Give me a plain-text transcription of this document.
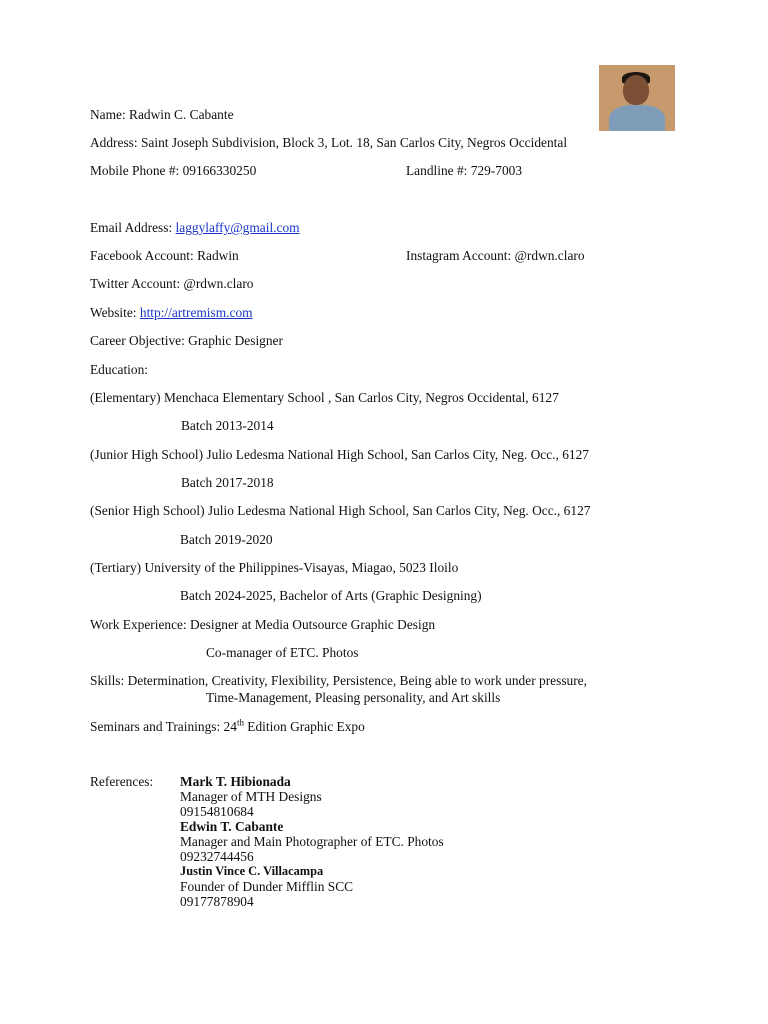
Name: Radwin C. Cabante
Address: Saint Joseph Subdivision, Block 3, Lot. 18, San Carlos City, Negros Occidental
Mobile Phone #: 09166330250	Landline #: 729-7003
Email Address: laggylaffy@gmail.com
Facebook Account: Radwin	Instagram Account: @rdwn.claro
Twitter Account: @rdwn.claro
Website: http://artremism.com
Career Objective: Graphic Designer
Education:
(Elementary) Menchaca Elementary School , San Carlos City, Negros Occidental, 6127
Batch 2013-2014
(Junior High School) Julio Ledesma National High School, San Carlos City, Neg. Occ., 6127
Batch 2017-2018
(Senior High School) Julio Ledesma National High School, San Carlos City, Neg. Occ., 6127
Batch 2019-2020
(Tertiary) University of the Philippines-Visayas, Miagao, 5023 Iloilo
Batch 2024-2025, Bachelor of Arts (Graphic Designing)
Work Experience: Designer at Media Outsource Graphic Design
Co-manager of ETC. Photos
Skills: Determination, Creativity, Flexibility, Persistence, Being able to work under pressure,
Time-Management, Pleasing personality, and Art skills
Seminars and Trainings: 24th Edition Graphic Expo
References: Mark T. Hibionada
Manager of MTH Designs
09154810684
Edwin T. Cabante
Manager and Main Photographer of ETC. Photos
09232744456
Justin Vince C. Villacampa
Founder of Dunder Mifflin SCC
09177878904
